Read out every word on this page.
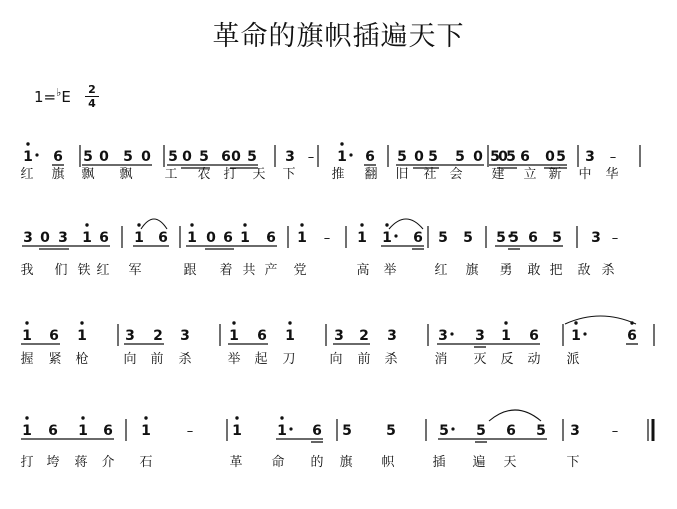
革命的旗帜插遍天下
1=♭E 2
4
1 6 5 0 5 0 5 0 5 6 0 5 3 – 1 6 5 0 5 5 0 5
0
5 6 0 5 3 –
3 0 3 1 6 1 6 1 0 6 1 6 1 – 1 1 6 5 5 5 5 6 5 3 –
1 6 1	3 2 3	1 6 1	3 2 3	3 3 1 6 1	6
1 6 1 6 1	–	1	1 6 5 5	5 5 6 5 3 –
红 旗 飘 飘 工 农 打 天 下	推 翻 旧 社 会 建 立 新 中 华
我 们 铁 红 军	跟 着 共 产 党	高 举	红 旗 勇 敢 把 敌 杀
握 紧 枪	向 前 杀	举 起 刀	向 前 杀	消 灭 反 动 派
打 垮 蒋 介 石	革 命 的 旗 帜	插 遍 天	下
